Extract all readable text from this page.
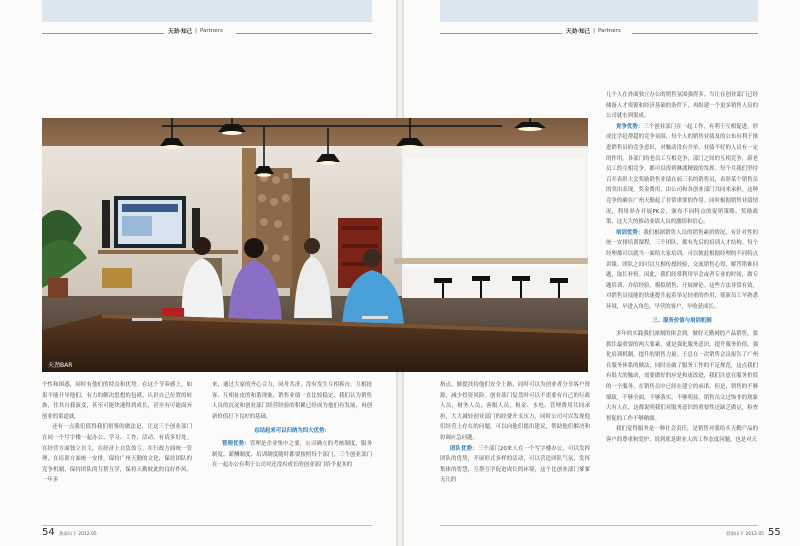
天劲·知己 | Partners	天劲·知己 | Partners
天劲BAR

个性和困惑，同时有他们的特点和优势。在这个节奏感上，如果不能开导他们，有力的解决思想的包袱，认识自己位置的转换，任其自我演变，甚至可能快速得到成长，甚至有可能面弃创业的渠道就。

还有一点我们值得我们借鉴的做法是，让这三个创业部门在同一个写字楼一起办公、学习、工作、活动、有请多好处。在经营方面独立自主，在经济上自负盈亏，在行政方面统一管理，在培训方面统一安排，保持广州天勤的文化、保持团队的竞争机制、保持团队的互帮互学，保持天勤彼此的良好作风。一年多

来，通过大家的齐心合力，同舟共济，没有发生互相拆台、互相抢客、互相扯皮的和谐现象，销售业绩一直比较稳定，我们认为销售人员的沉淀和创业部门经营经验的积累已经成为他们有发展，再创新价值打下良好的基础。

总结起来可以归纳为四大优势：

管理优势：管理是企业集中之要，公司确立的考核制度、服务制度、薪酬制度、培训制度随时都要按照每个部门，三个创业部门在一起办公有利于公司对还没有成长的创业部门给予更多的

几个人在外面独立办公的销售氛围强得多。当让在创业部门已经储备人才资源和经济基础的条件下，再组建一个更多销售人员的公司就水到渠成。

竞争优势：三个创业部门在一起工作，有利于互相促进，形成比学赶帮超的竞争氛围，每个人的销售业绩及的公布有利于推进销售员的竞争意识，对触动没有开单、业绩不好的人员有一定的作用。各部门的老员工互相竞争，部门之间的互相竞争，新老员工的互相竞争，都可以得到淋漓精致的发挥。每个月我们坚持召开表彰大会奖励销售业绩在前三名的销售员，表彰某个销售员的突出表现。奖金费用，由公司和各创业部门共同来承担。这种竞争的确在广州天勤起了非常重要的作用。同时根据销售业绩情况，利用举办开展PK会，颁布不同特点的促销策略、奖励政策，这大大的推动业绩人员的激情和信心。

培训优势：我们根据销售人员的销售素质情况，有针对性的统一安排培训课程。三个团队，都有先后的培训人才结构。每个经理都可以就当一面给大家培训，可以彼此根据经理的不同特点讲课。团队之间可以互相传授经验，交流销售心得，解答错难问题，取长补短。因此，我们经常利用早会或者专业的时间，做专题培训、介绍经验、模拟销售、开展辩论。这些方法非常有效，对销售员技能的快速提升起着举足轻重的作用，使新员工早熟悉环境，早进入角色，早营的客户，早收获成长。

三、服务价值与培训机制

多年的实践我们深刻的体会到，做好天勤网的产品销售，要抓住最重要的两大要素，就是强化服务意识，提升服务价值，强化培训机制，提升的销售力量。王总在一次销售会议报告了广州在服务体系的做法，同时在破了服务工作的不足规范，这点我们有很大的触动，需要做好的应是和更改进，我们注意在服务价值的一个服务，在销售员中已经在建立的承诺，但是，销售的不够细致，不够全面，不够落实，不够明显。销售员文过饰非的现象大有人在，这都说明我们对服务意识的重要性还缺乏做足，检查督促的工作不够精细。

我们觉得服务是一种社会责任，是销售对我给买天勤产品的客户的尊重和爱护，说到底是职业人的工作态度问题，也是对天

指点，做提扶持他们安全上路，同时可以为创业者分享客户资源，减少投资风险。创业部门复盘时可以不需要有自己的行政人员，财务人员，客服人员，租金、水电、管理费用共同承担，大大减轻创业部门的经费开支压力，同时公司可以发现他们经营上存在的问题，可以向他们提出建议，帮助他们解决和协调应急问题。

团队优势：三个部门20来人在一个写字楼办公，可以发挥团队的优势，开展形式多样的活动，可以营造团队气氛，发挥集体的智慧，互帮互学促进成长的环境，这个比创业部门爹爹无几的

54 劲南山下 2012.05	55
劲南山下 2012.05
